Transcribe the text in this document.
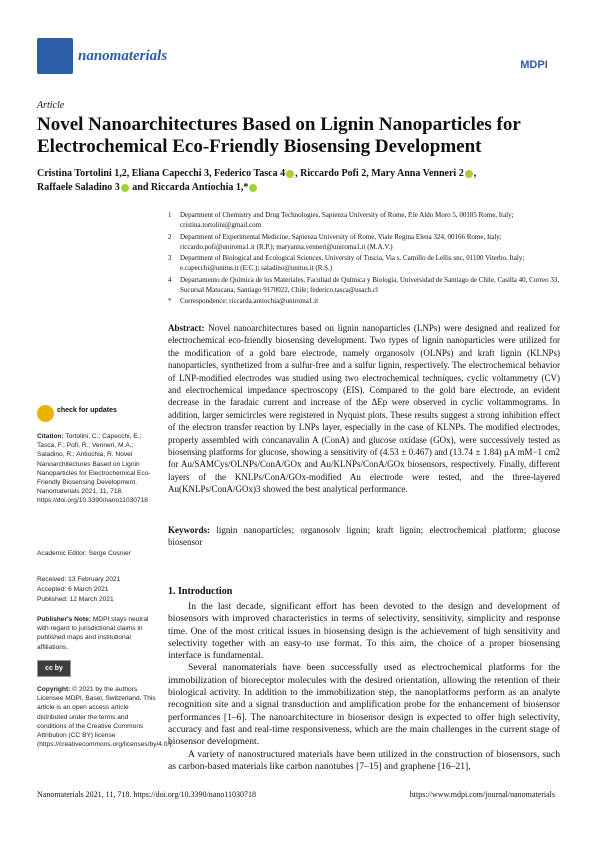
nanomaterials
MDPI
Article
Novel Nanoarchitectures Based on Lignin Nanoparticles for Electrochemical Eco-Friendly Biosensing Development
Cristina Tortolini 1,2, Eliana Capecchi 3, Federico Tasca 4 , Riccardo Pofi 2, Mary Anna Venneri 2 ,
Raffaele Saladino 3 and Riccarda Antiochia 1,*
1	Department of Chemistry and Drug Technologies, Sapienza University of Rome, P.le Aldo Moro 5, 00185 Rome, Italy; cristina.tortolini@gmail.com
2	Department of Experimental Medicine, Sapienza University of Rome, Viale Regina Elena 324, 00166 Rome, Italy; riccardo.pofi@uniroma1.it (R.P.); maryanna.venneri@uniroma1.it (M.A.V.)
3	Department of Biological and Ecological Sciences, University of Tuscia, Via s. Camillo de Lellis snc, 01100 Viterbo, Italy; e.capecchi@unitus.it (E.C.); saladino@unitus.it (R.S.)
4	Departamento de Química de los Materiales, Facultad de Química y Biología, Universidad de Santiago de Chile, Casilla 40, Correo 33, Sucursal Matucana, Santiago 9170022, Chile; federico.tasca@usach.cl
*	Correspondence: riccarda.antiochia@uniroma1.it
Abstract: Novel nanoarchitectures based on lignin nanoparticles (LNPs) were designed and realized for electrochemical eco-friendly biosensing development. Two types of lignin nanoparticles were utilized for the modification of a gold bare electrode, namely organosolv (OLNPs) and kraft lignin (KLNPs) nanoparticles, synthetized from a sulfur-free and a sulfur lignin, respectively. The electrochemical behavior of LNP-modified electrodes was studied using two electrochemical techniques, cyclic voltammetry (CV) and electrochemical impedance spectroscopy (EIS). Compared to the gold bare electrode, an evident decrease in the faradaic current and increase of the ΔEp were observed in cyclic voltammograms. In addition, larger semicircles were registered in Nyquist plots. These results suggest a strong inhibition effect of the electron transfer reaction by LNPs layer, especially in the case of KLNPs. The modified electrodes, properly assembled with concanavalin A (ConA) and glucose oxidase (GOx), were successively tested as biosensing platforms for glucose, showing a sensitivity of (4.53 ± 0.467) and (13.74 ± 1.84) μA mM−1 cm2 for Au/SAMCys/OLNPs/ConA/GOx and Au/KLNPs/ConA/GOx biosensors, respectively. Finally, different layers of the KNLPs/ConA/GOx-modified Au electrode were tested, and the three-layered Au(KNLPs/ConA/GOx)3 showed the best analytical performance.
Keywords: lignin nanoparticles; organosolv lignin; kraft lignin; electrochemical platform; glucose biosensor
check for updates
Citation: Tortolini, C.; Capecchi, E.; Tasca, F.; Pofi, R.; Venneri, M.A.; Saladino, R.; Antiochia, R. Novel Nanoarchitectures Based on Lignin Nanoparticles for Electrochemical Eco-Friendly Biosensing Development. Nanomaterials 2021, 11, 718. https://doi.org/10.3390/nano11030718
Academic Editor: Serge Cosnier
Received: 13 February 2021
Accepted: 6 March 2021
Published: 12 March 2021
Publisher's Note: MDPI stays neutral with regard to jurisdictional claims in published maps and institutional affiliations.
cc by
Copyright: © 2021 by the authors. Licensee MDPI, Basel, Switzerland. This article is an open access article distributed under the terms and conditions of the Creative Commons Attribution (CC BY) license (https://creativecommons.org/licenses/by/4.0/).
1. Introduction

In the last decade, significant effort has been devoted to the design and development of biosensors with improved characteristics in terms of selectivity, sensitivity, simplicity and response time. One of the most critical issues in biosensing design is the achievement of high sensitivity and selectivity together with an easy-to use format. To this aim, the choice of a proper biosensing interface is fundamental.

Several nanomaterials have been successfully used as electrochemical platforms for the immobilization of bioreceptor molecules with the desired orientation, allowing the retention of their biological activity. In addition to the immobilization step, the nanoplatforms perform as an analyte recognition site and a signal transduction and amplification probe for the enhancement of biosensor performances [1–6]. The nanoarchitecture in biosensor design is expected to offer high selectivity, accuracy and fast and real-time responsiveness, which are the main challenges in the current stage of biosensor development.

A variety of nanostructured materials have been utilized in the construction of biosensors, such as carbon-based materials like carbon nanotubes [7–15] and graphene [16–21],

Nanomaterials 2021, 11, 718. https://doi.org/10.3390/nano11030718	https://www.mdpi.com/journal/nanomaterials
